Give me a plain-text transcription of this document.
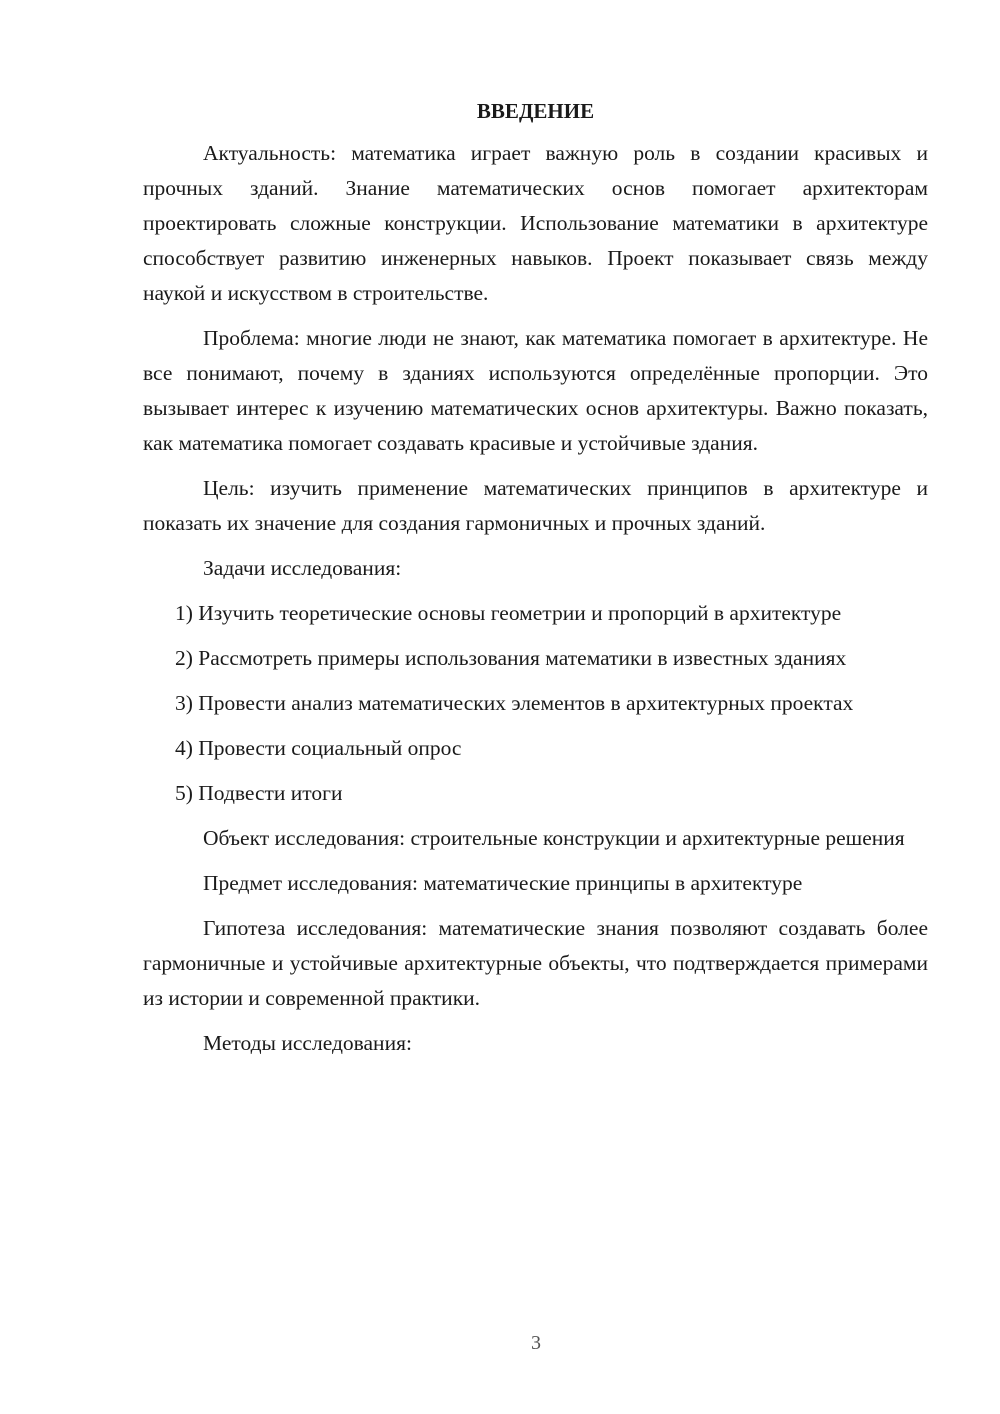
ВВЕДЕНИЕ

Актуальность: математика играет важную роль в создании красивых и прочных зданий. Знание математических основ помогает архитекторам проектировать сложные конструкции. Использование математики в архитектуре способствует развитию инженерных навыков. Проект показывает связь между наукой и искусством в строительстве.

Проблема: многие люди не знают, как математика помогает в архитектуре. Не все понимают, почему в зданиях используются определённые пропорции. Это вызывает интерес к изучению математических основ архитектуры. Важно показать, как математика помогает создавать красивые и устойчивые здания.

Цель: изучить применение математических принципов в архитектуре и показать их значение для создания гармоничных и прочных зданий.

Задачи исследования:

1) Изучить теоретические основы геометрии и пропорций в архитектуре

2) Рассмотреть примеры использования математики в известных зданиях

3) Провести анализ математических элементов в архитектурных проектах

4) Провести социальный опрос

5) Подвести итоги

Объект исследования: строительные конструкции и архитектурные решения

Предмет исследования: математические принципы в архитектуре

Гипотеза исследования: математические знания позволяют создавать более гармоничные и устойчивые архитектурные объекты, что подтверждается примерами из истории и современной практики.

Методы исследования:

3
